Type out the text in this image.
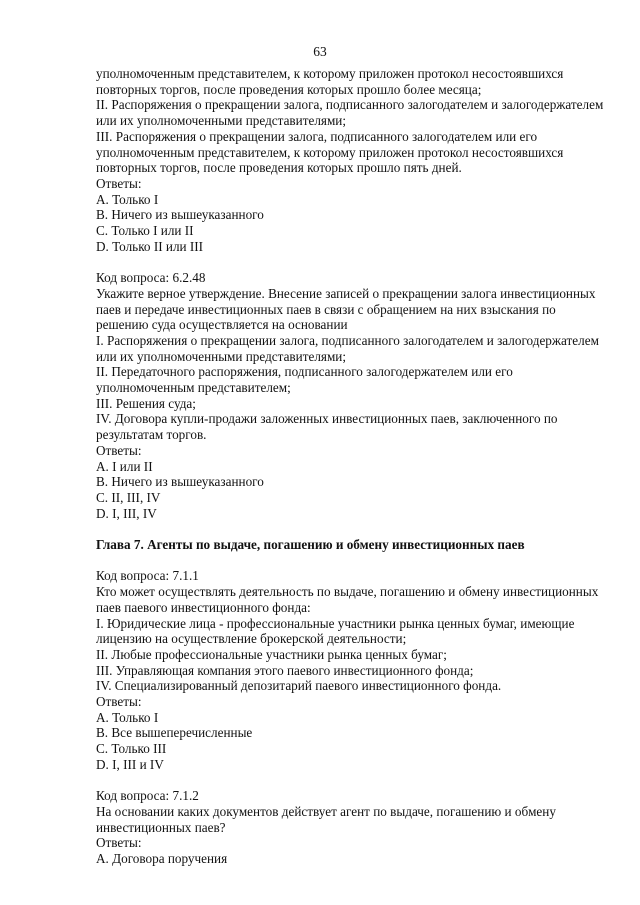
63
уполномоченным представителем, к которому приложен протокол несостоявшихся
повторных торгов, после проведения которых прошло более месяца;
II. Распоряжения о прекращении залога, подписанного залогодателем и залогодержателем
или их уполномоченными представителями;
III. Распоряжения о прекращении залога, подписанного залогодателем или его
уполномоченным представителем, к которому приложен протокол несостоявшихся
повторных торгов, после проведения которых прошло пять дней.
Ответы:
A. Только I
B. Ничего из вышеуказанного
C. Только I или II
D. Только II или III
Код вопроса: 6.2.48
Укажите верное утверждение. Внесение записей о прекращении залога инвестиционных
паев и передаче инвестиционных паев в связи с обращением на них взыскания по
решению суда осуществляется на основании
I. Распоряжения о прекращении залога, подписанного залогодателем и залогодержателем
или их уполномоченными представителями;
II. Передаточного распоряжения, подписанного залогодержателем или его
уполномоченным представителем;
III. Решения суда;
IV. Договора купли-продажи заложенных инвестиционных паев, заключенного по
результатам торгов.
Ответы:
A. I или II
B. Ничего из вышеуказанного
C. II, III, IV
D. I, III, IV
Глава 7. Агенты по выдаче, погашению и обмену инвестиционных паев
Код вопроса: 7.1.1
Кто может осуществлять деятельность по выдаче, погашению и обмену инвестиционных
паев паевого инвестиционного фонда:
I. Юридические лица - профессиональные участники рынка ценных бумаг, имеющие
лицензию на осуществление брокерской деятельности;
II. Любые профессиональные участники рынка ценных бумаг;
III. Управляющая компания этого паевого инвестиционного фонда;
IV. Специализированный депозитарий паевого инвестиционного фонда.
Ответы:
A. Только I
B. Все вышеперечисленные
C. Только III
D. I, III и IV
Код вопроса: 7.1.2
На основании каких документов действует агент по выдаче, погашению и обмену
инвестиционных паев?
Ответы:
A. Договора поручения
